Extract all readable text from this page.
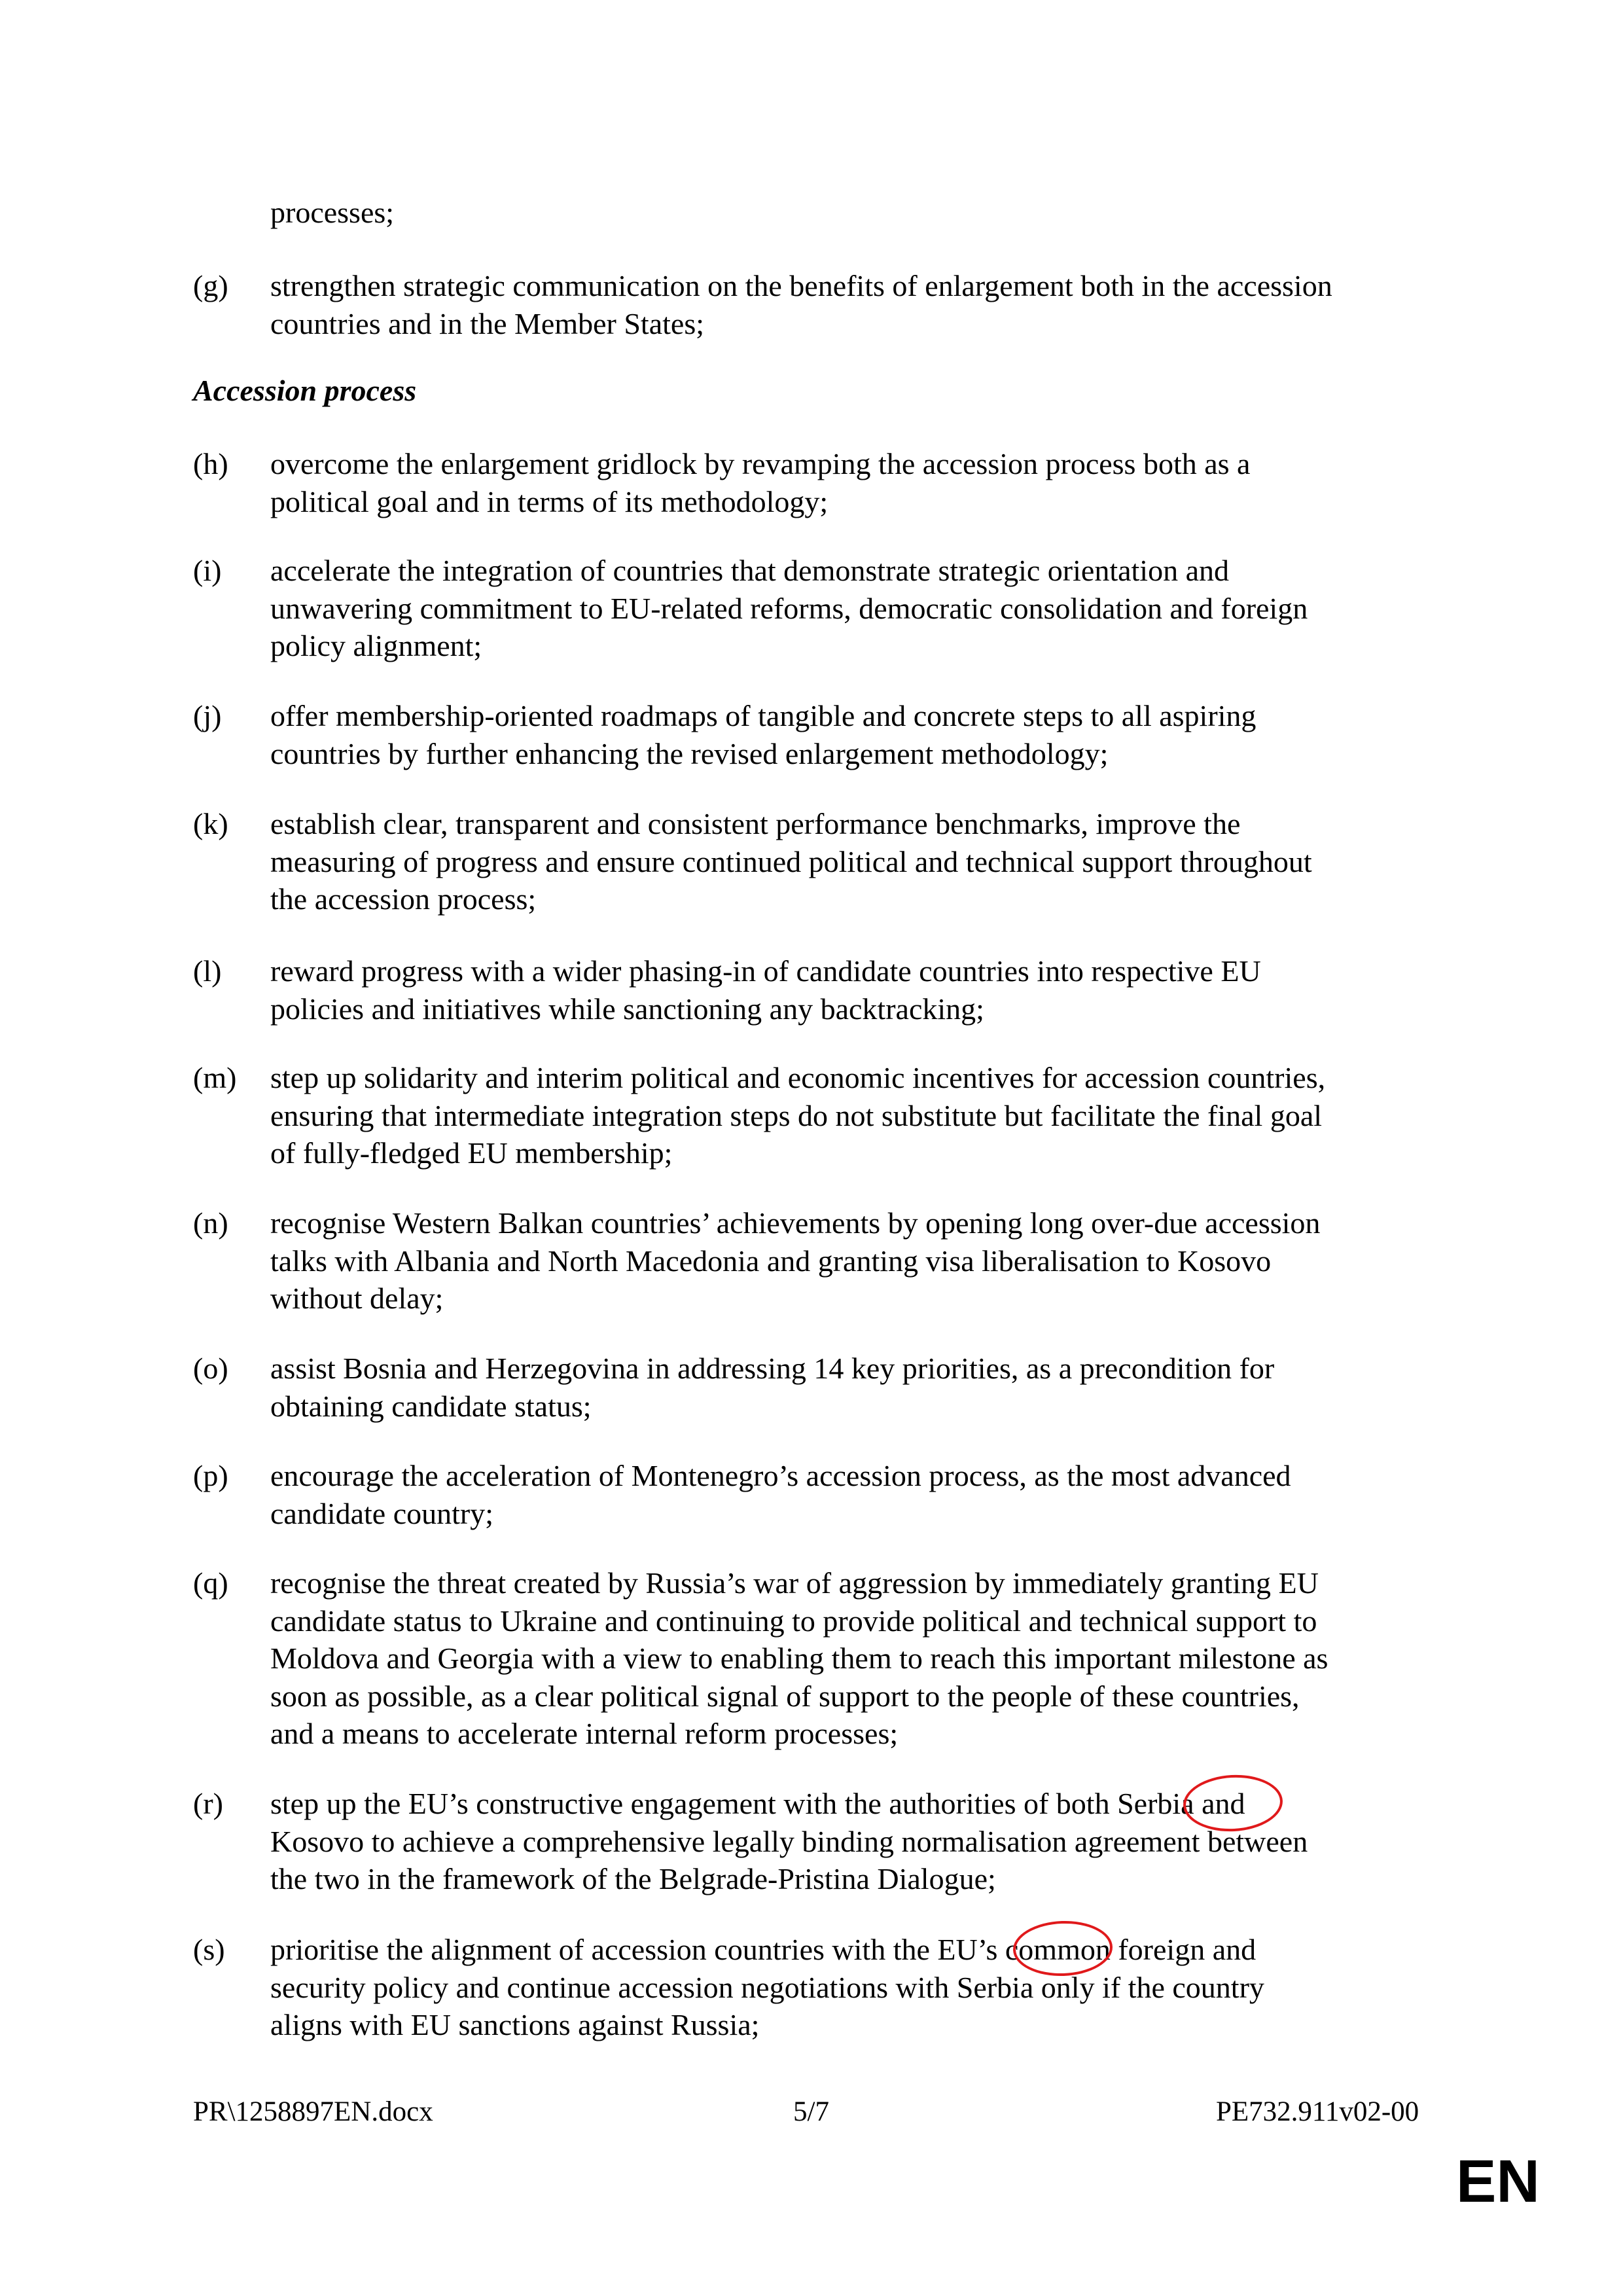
processes;
(g) strengthen strategic communication on the benefits of enlargement both in the accession
countries and in the Member States;
Accession process
(h) overcome the enlargement gridlock by revamping the accession process both as a
political goal and in terms of its methodology;
(i) accelerate the integration of countries that demonstrate strategic orientation and
unwavering commitment to EU-related reforms, democratic consolidation and foreign
policy alignment;
(j) offer membership-oriented roadmaps of tangible and concrete steps to all aspiring
countries by further enhancing the revised enlargement methodology;
(k) establish clear, transparent and consistent performance benchmarks, improve the
measuring of progress and ensure continued political and technical support throughout
the accession process;
(l) reward progress with a wider phasing-in of candidate countries into respective EU
policies and initiatives while sanctioning any backtracking;
(m) step up solidarity and interim political and economic incentives for accession countries,
ensuring that intermediate integration steps do not substitute but facilitate the final goal
of fully-fledged EU membership;
(n) recognise Western Balkan countries’ achievements by opening long over-due accession
talks with Albania and North Macedonia and granting visa liberalisation to Kosovo
without delay;
(o) assist Bosnia and Herzegovina in addressing 14 key priorities, as a precondition for
obtaining candidate status;
(p) encourage the acceleration of Montenegro’s accession process, as the most advanced
candidate country;
(q) recognise the threat created by Russia’s war of aggression by immediately granting EU
candidate status to Ukraine and continuing to provide political and technical support to
Moldova and Georgia with a view to enabling them to reach this important milestone as
soon as possible, as a clear political signal of support to the people of these countries,
and a means to accelerate internal reform processes;
(r) step up the EU’s constructive engagement with the authorities of both Serbia and
Kosovo to achieve a comprehensive legally binding normalisation agreement between
the two in the framework of the Belgrade-Pristina Dialogue;
(s) prioritise the alignment of accession countries with the EU’s common foreign and
security policy and continue accession negotiations with Serbia only if the country
aligns with EU sanctions against Russia;
PR\1258897EN.docx	5/7	PE732.911v02-00
EN
